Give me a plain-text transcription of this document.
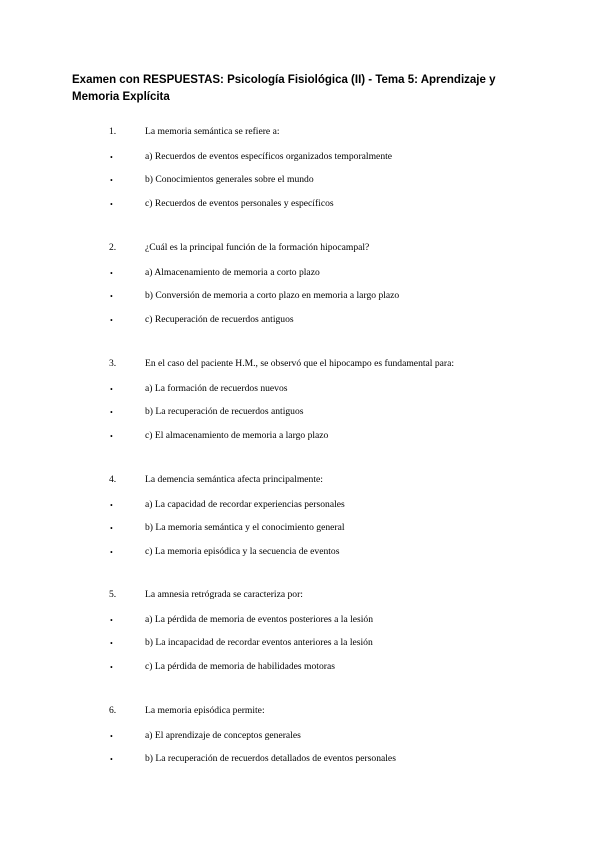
Examen con RESPUESTAS: Psicología Fisiológica (II) - Tema 5: Aprendizaje y Memoria Explícita
1.	La memoria semántica se refiere a:
•	a) Recuerdos de eventos específicos organizados temporalmente
•	b) Conocimientos generales sobre el mundo
•	c) Recuerdos de eventos personales y específicos
2.	¿Cuál es la principal función de la formación hipocampal?
•	a) Almacenamiento de memoria a corto plazo
•	b) Conversión de memoria a corto plazo en memoria a largo plazo
•	c) Recuperación de recuerdos antiguos
3.	En el caso del paciente H.M., se observó que el hipocampo es fundamental para:
•	a) La formación de recuerdos nuevos
•	b) La recuperación de recuerdos antiguos
•	c) El almacenamiento de memoria a largo plazo
4.	La demencia semántica afecta principalmente:
•	a) La capacidad de recordar experiencias personales
•	b) La memoria semántica y el conocimiento general
•	c) La memoria episódica y la secuencia de eventos
5.	La amnesia retrógrada se caracteriza por:
•	a) La pérdida de memoria de eventos posteriores a la lesión
•	b) La incapacidad de recordar eventos anteriores a la lesión
•	c) La pérdida de memoria de habilidades motoras
6.	La memoria episódica permite:
•	a) El aprendizaje de conceptos generales
•	b) La recuperación de recuerdos detallados de eventos personales
